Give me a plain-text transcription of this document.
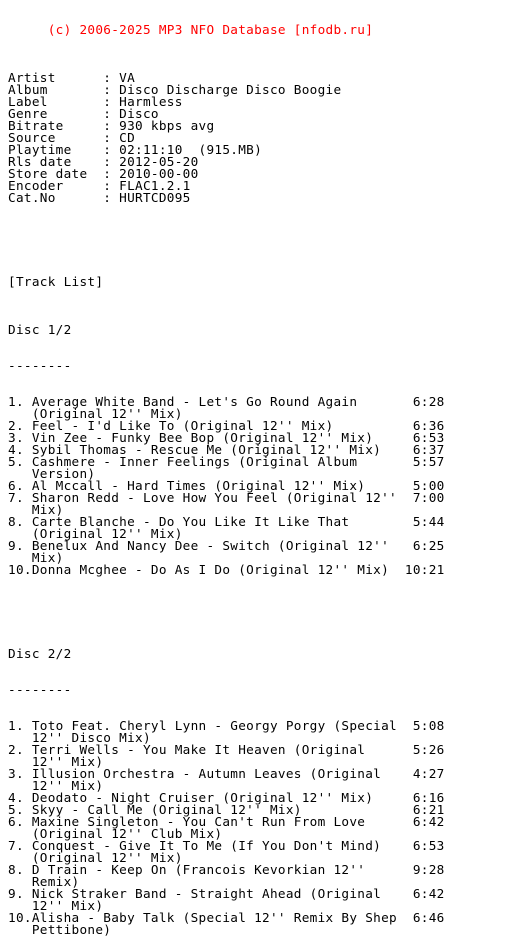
(c) 2006-2025 MP3 NFO Database [nfodb.ru]

Artist      : VA
Album       : Disco Discharge Disco Boogie
Label       : Harmless
Genre       : Disco
Bitrate     : 930 kbps avg
Source      : CD
Playtime    : 02:11:10  (915.MB)
Rls date    : 2012-05-20
Store date  : 2010-00-00
Encoder     : FLAC1.2.1
Cat.No      : HURTCD095

[Track List]

Disc 1/2

--------

1. Average White Band - Let's Go Round Again       6:28
(Original 12'' Mix)
2. Feel - I'd Like To (Original 12'' Mix)          6:36
3. Vin Zee - Funky Bee Bop (Original 12'' Mix)     6:53
4. Sybil Thomas - Rescue Me (Original 12'' Mix)    6:37
5. Cashmere - Inner Feelings (Original Album       5:57
Version)
6. Al Mccall - Hard Times (Original 12'' Mix)      5:00
7. Sharon Redd - Love How You Feel (Original 12''  7:00
Mix)
8. Carte Blanche - Do You Like It Like That        5:44
(Original 12'' Mix)
9. Benelux And Nancy Dee - Switch (Original 12''   6:25
Mix)
10.Donna Mcghee - Do As I Do (Original 12'' Mix)  10:21

Disc 2/2

--------

1. Toto Feat. Cheryl Lynn - Georgy Porgy (Special  5:08
12'' Disco Mix)
2. Terri Wells - You Make It Heaven (Original      5:26
12'' Mix)
3. Illusion Orchestra - Autumn Leaves (Original    4:27
12'' Mix)
4. Deodato - Night Cruiser (Original 12'' Mix)     6:16
5. Skyy - Call Me (Original 12'' Mix)              6:21
6. Maxine Singleton - You Can't Run From Love      6:42
(Original 12'' Club Mix)
7. Conquest - Give It To Me (If You Don't Mind)    6:53
(Original 12'' Mix)
8. D Train - Keep On (Francois Kevorkian 12''      9:28
Remix)
9. Nick Straker Band - Straight Ahead (Original    6:42
12'' Mix)
10.Alisha - Baby Talk (Special 12'' Remix By Shep  6:46
Pettibone)
